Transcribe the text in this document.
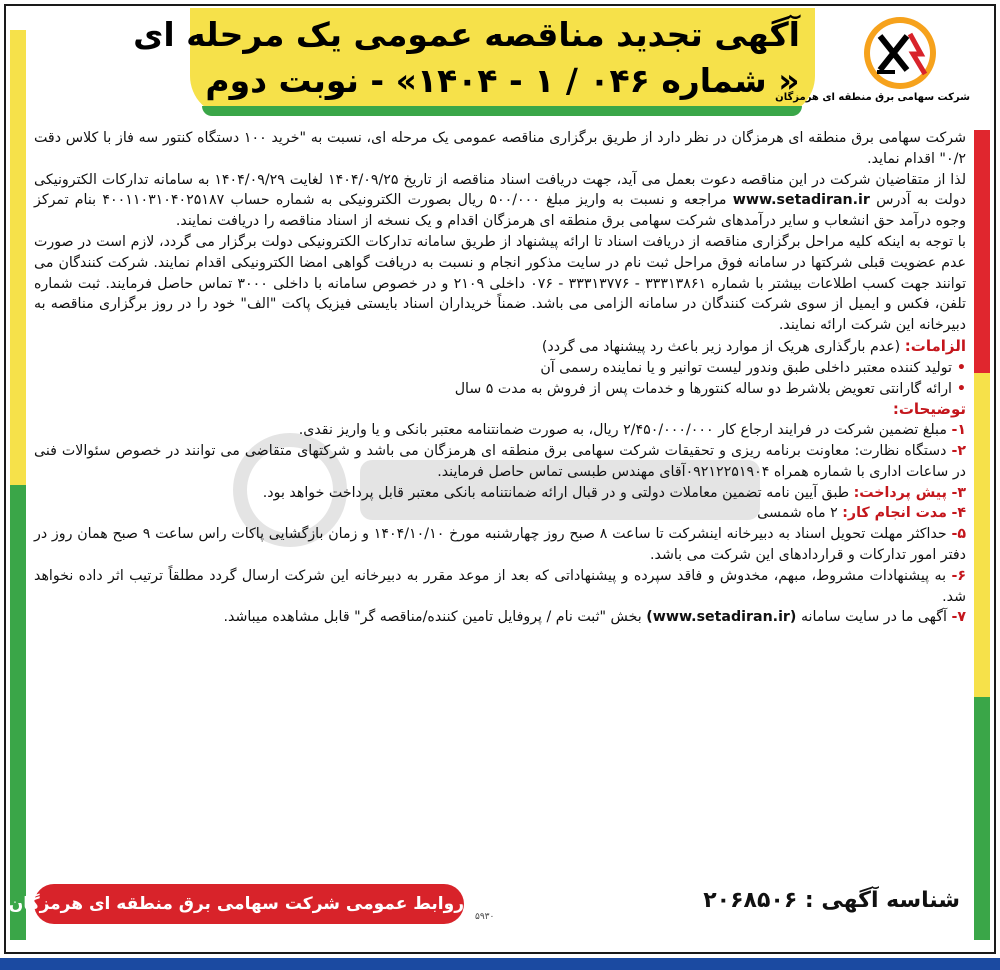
آگهی تجدید مناقصه عمومی یک مرحله ای
« شماره ۰۴۶ / ۱ - ۱۴۰۴» - نوبت دوم
شرکت سهامی برق منطقه ای هرمزگان

شرکت سهامی برق منطقه ای هرمزگان در نظر دارد از طریق برگزاری مناقصه عمومی یک مرحله ای، نسبت به "خرید ۱۰۰ دستگاه کنتور سه فاز با کلاس دقت ۰/۲" اقدام نماید.

لذا از متقاضیان شرکت در این مناقصه دعوت بعمل می آید، جهت دریافت اسناد مناقصه از تاریخ ۱۴۰۴/۰۹/۲۵ لغایت ۱۴۰۴/۰۹/۲۹ به سامانه تدارکات الکترونیکی دولت به آدرس www.setadiran.ir مراجعه و نسبت به واریز مبلغ ۵۰۰/۰۰۰ ریال بصورت الکترونیکی به شماره حساب ۴۰۰۱۱۰۳۱۰۴۰۲۵۱۸۷ بنام تمرکز وجوه درآمد حق انشعاب و سایر درآمدهای شرکت سهامی برق منطقه ای هرمزگان اقدام و یک نسخه از اسناد مناقصه را دریافت نمایند.

با توجه به اینکه کلیه مراحل برگزاری مناقصه از دریافت اسناد تا ارائه پیشنهاد از طریق سامانه تدارکات الکترونیکی دولت برگزار می گردد، لازم است در صورت عدم عضویت قبلی شرکتها در سامانه فوق مراحل ثبت نام در سایت مذکور انجام و نسبت به دریافت گواهی امضا الکترونیکی اقدام نمایند. شرکت کنندگان می توانند جهت کسب اطلاعات بیشتر با شماره ۳۳۳۱۳۸۶۱ - ۳۳۳۱۳۷۷۶ - ۰۷۶ داخلی ۲۱۰۹ و در خصوص سامانه با داخلی ۳۰۰۰ تماس حاصل فرمایند. ثبت شماره تلفن، فکس و ایمیل از سوی شرکت کنندگان در سامانه الزامی می باشد. ضمناً خریداران اسناد بایستی فیزیک پاکت "الف" خود را در روز برگزاری مناقصه به دبیرخانه این شرکت ارائه نمایند.

الزامات: (عدم بارگذاری هریک از موارد زیر باعث رد پیشنهاد می گردد)

• تولید کننده معتبر داخلی طبق وندور لیست توانیر و یا نماینده رسمی آن

• ارائه گارانتی تعویض بلاشرط دو ساله کنتورها و خدمات پس از فروش به مدت ۵ سال

توضیحات:

۱- مبلغ تضمین شرکت در فرایند ارجاع کار ۲/۴۵۰/۰۰۰/۰۰۰ ریال، به صورت ضمانتنامه معتبر بانکی و یا واریز نقدی.

۲- دستگاه نظارت: معاونت برنامه ریزی و تحقیقات شرکت سهامی برق منطقه ای هرمزگان می باشد و شرکتهای متقاضی می توانند در خصوص سئوالات فنی در ساعات اداری با شماره همراه ۰۹۲۱۲۲۵۱۹۰۴آقای مهندس طبسی تماس حاصل فرمایند.

۳- پیش پرداخت: طبق آیین نامه تضمین معاملات دولتی و در قبال ارائه ضمانتنامه بانکی معتبر قابل پرداخت خواهد بود.

۴- مدت انجام کار: ۲ ماه شمسی

۵- حداکثر مهلت تحویل اسناد به دبیرخانه اینشرکت تا ساعت ۸ صبح روز چهارشنبه مورخ ۱۴۰۴/۱۰/۱۰ و زمان بازگشایی پاکات راس ساعت ۹ صبح همان روز در دفتر امور تدارکات و قراردادهای این شرکت می باشد.

۶- به پیشنهادات مشروط، مبهم، مخدوش و فاقد سپرده و پیشنهاداتی که بعد از موعد مقرر به دبیرخانه این شرکت ارسال گردد مطلقاً ترتیب اثر داده نخواهد شد.

۷- آگهی ما در سایت سامانه (www.setadiran.ir) بخش "ثبت نام / پروفایل تامین کننده/مناقصه گر" قابل مشاهده میباشد.

شناسه آگهی : ۲۰۶۸۵۰۶
روابط عمومی شرکت سهامی برق منطقه ای هرمزگان
۵۹۳۰
